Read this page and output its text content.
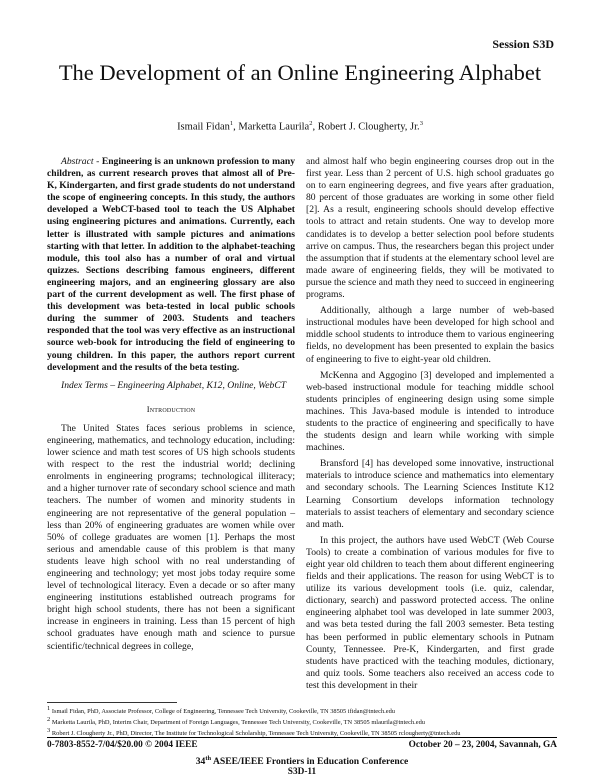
Session S3D
The Development of an Online Engineering Alphabet
Ismail Fidan$^1$, Marketta Laurila$^2$, Robert J. Clougherty, Jr.$^3$

Abstract - Engineering is an unknown profession to many children, as current research proves that almost all of Pre-K, Kindergarten, and first grade students do not understand the scope of engineering concepts. In this study, the authors developed a WebCT-based tool to teach the US Alphabet using engineering pictures and animations. Currently, each letter is illustrated with sample pictures and animations starting with that letter. In addition to the alphabet-teaching module, this tool also has a number of oral and virtual quizzes. Sections describing famous engineers, different engineering majors, and an engineering glossary are also part of the current development as well. The first phase of this development was beta-tested in local public schools during the summer of 2003. Students and teachers responded that the tool was very effective as an instructional source web-book for introducing the field of engineering to young children. In this paper, the authors report current development and the results of the beta testing.

Index Terms – Engineering Alphabet, K12, Online, WebCT

Introduction

The United States faces serious problems in science, engineering, mathematics, and technology education, including: lower science and math test scores of US high schools students with respect to the rest the industrial world; declining enrolments in engineering programs; technological illiteracy; and a higher turnover rate of secondary school science and math teachers. The number of women and minority students in engineering are not representative of the general population – less than 20% of engineering graduates are women while over 50% of college graduates are women [1]. Perhaps the most serious and amendable cause of this problem is that many students leave high school with no real understanding of engineering and technology; yet most jobs today require some level of technological literacy. Even a decade or so after many engineering institutions established outreach programs for bright high school students, there has not been a significant increase in engineers in training. Less than 15 percent of high school graduates have enough math and science to pursue scientific/technical degrees in college,

and almost half who begin engineering courses drop out in the first year. Less than 2 percent of U.S. high school graduates go on to earn engineering degrees, and five years after graduation, 80 percent of those graduates are working in some other field [2]. As a result, engineering schools should develop effective tools to attract and retain students. One way to develop more candidates is to develop a better selection pool before students arrive on campus. Thus, the researchers began this project under the assumption that if students at the elementary school level are made aware of engineering fields, they will be motivated to pursue the science and math they need to succeed in engineering programs.

Additionally, although a large number of web-based instructional modules have been developed for high school and middle school students to introduce them to various engineering fields, no development has been presented to explain the basics of engineering to five to eight-year old children.

McKenna and Aggogino [3] developed and implemented a web-based instructional module for teaching middle school students principles of engineering design using some simple machines. This Java-based module is intended to introduce students to the practice of engineering and specifically to have the students design and learn while working with simple machines.

Bransford [4] has developed some innovative, instructional materials to introduce science and mathematics into elementary and secondary schools. The Learning Sciences Institute K12 Learning Consortium develops information technology materials to assist teachers of elementary and secondary science and math.

In this project, the authors have used WebCT (Web Course Tools) to create a combination of various modules for five to eight year old children to teach them about different engineering fields and their applications. The reason for using WebCT is to utilize its various development tools (i.e. quiz, calendar, dictionary, search) and password protected access. The online engineering alphabet tool was developed in late summer 2003, and was beta tested during the fall 2003 semester. Beta testing has been performed in public elementary schools in Putnam County, Tennessee. Pre-K, Kindergarten, and first grade students have practiced with the teaching modules, dictionary, and quiz tools. Some teachers also received an access code to test this development in their

$^1$ Ismail Fidan, PhD, Associate Professor, College of Engineering, Tennessee Tech University, Cookeville, TN 38505 ifidan@tntech.edu

$^2$ Marketta Laurila, PhD, Interim Chair, Department of Foreign Languages, Tennessee Tech University, Cookeville, TN 38505 mlaurila@tntech.edu

$^3$ Robert J. Clougherty Jr., PhD, Director, The Institute for Technological Scholarship, Tennessee Tech University, Cookeville, TN 38505 rclougherty@tntech.edu

0-7803-8552-7/04/$20.00 © 2004 IEEE	October 20 – 23, 2004, Savannah, GA
34th ASEE/IEEE Frontiers in Education Conference
S3D-11
